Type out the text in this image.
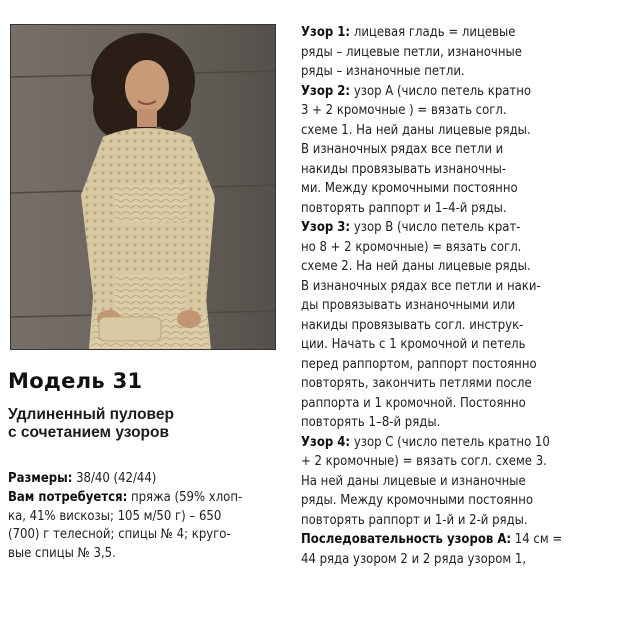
Модель 31
Удлиненный пуловер
с сочетанием узоров
Размеры: 38/40 (42/44)
Вам потребуется: пряжа (59% хлоп-
ка, 41% вискозы; 105 м/50 г) – 650
(700) г телесной; спицы № 4; круго-
вые спицы № 3,5.
Узор 1: лицевая гладь = лицевые
ряды – лицевые петли, изнаночные
ряды – изнаночные петли.
Узор 2: узор А (число петель кратно
3 + 2 кромочные ) = вязать согл.
схеме 1. На ней даны лицевые ряды.
В изнаночных рядах все петли и
накиды провязывать изнаночны-
ми. Между кромочными постоянно
повторять раппорт и 1–4-й ряды.
Узор 3: узор В (число петель крат-
но 8 + 2 кромочные) = вязать согл.
схеме 2. На ней даны лицевые ряды.
В изнаночных рядах все петли и наки-
ды провязывать изнаночными или
накиды провязывать согл. инструк-
ции. Начать с 1 кромочной и петель
перед раппортом, раппорт постоянно
повторять, закончить петлями после
раппорта и 1 кромочной. Постоянно
повторять 1–8-й ряды.
Узор 4: узор С (число петель кратно 10
+ 2 кромочные) = вязать согл. схеме 3.
На ней даны лицевые и изнаночные
ряды. Между кромочными постоянно
повторять раппорт и 1-й и 2-й ряды.
Последовательность узоров А: 14 см =
44 ряда узором 2 и 2 ряда узором 1,
